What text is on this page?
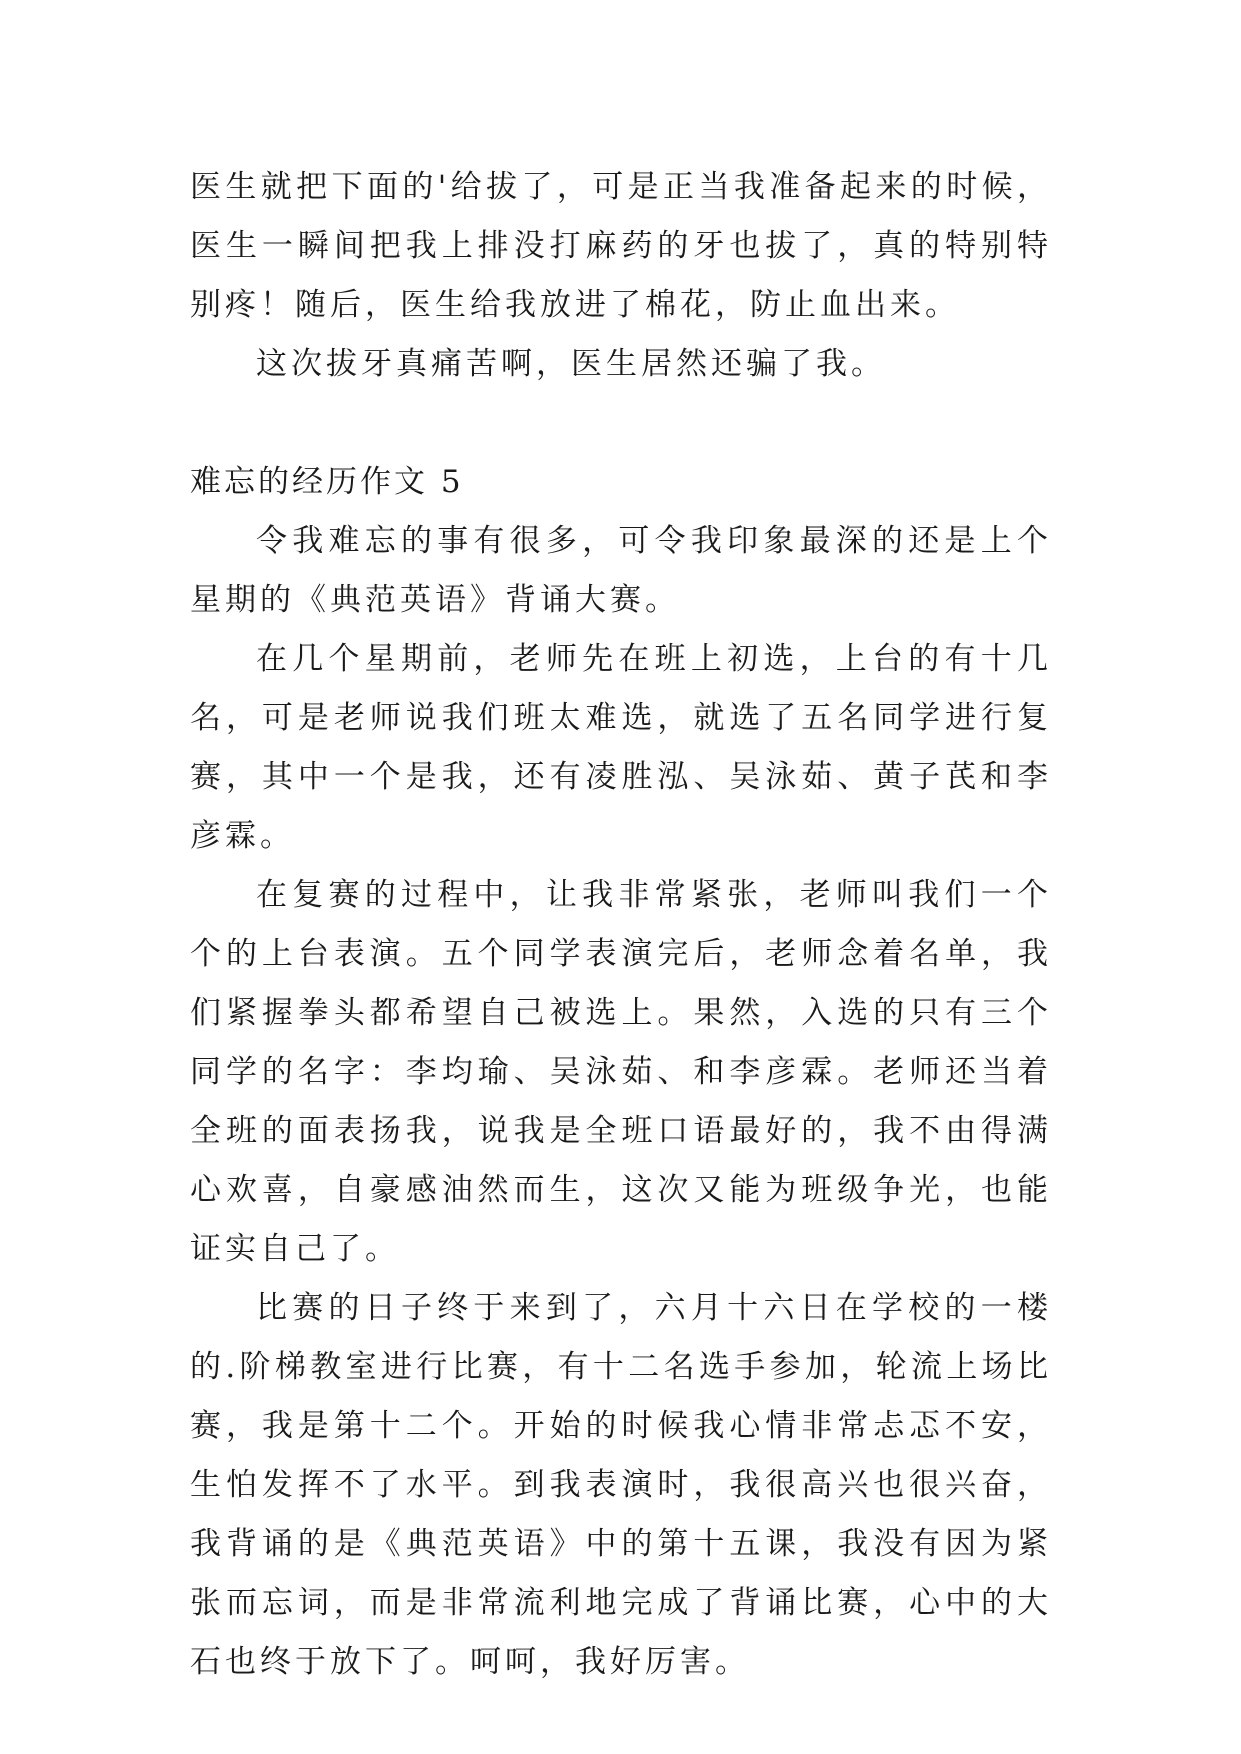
医生就把下面的'给拔了，可是正当我准备起来的时候，医生一瞬间把我上排没打麻药的牙也拔了，真的特别特别疼！随后，医生给我放进了棉花，防止血出来。

这次拔牙真痛苦啊，医生居然还骗了我。

难忘的经历作文 5

令我难忘的事有很多，可令我印象最深的还是上个星期的《典范英语》背诵大赛。

在几个星期前，老师先在班上初选，上台的有十几名，可是老师说我们班太难选，就选了五名同学进行复赛，其中一个是我，还有凌胜泓、吴泳茹、黄子芪和李彦霖。

在复赛的过程中，让我非常紧张，老师叫我们一个个的上台表演。五个同学表演完后，老师念着名单，我们紧握拳头都希望自己被选上。果然，入选的只有三个同学的名字：李均瑜、吴泳茹、和李彦霖。老师还当着全班的面表扬我，说我是全班口语最好的，我不由得满心欢喜，自豪感油然而生，这次又能为班级争光，也能证实自己了。

比赛的日子终于来到了，六月十六日在学校的一楼的.阶梯教室进行比赛，有十二名选手参加，轮流上场比赛，我是第十二个。开始的时候我心情非常忐忑不安，生怕发挥不了水平。到我表演时，我很高兴也很兴奋，我背诵的是《典范英语》中的第十五课，我没有因为紧张而忘词，而是非常流利地完成了背诵比赛，心中的大石也终于放下了。呵呵，我好厉害。
